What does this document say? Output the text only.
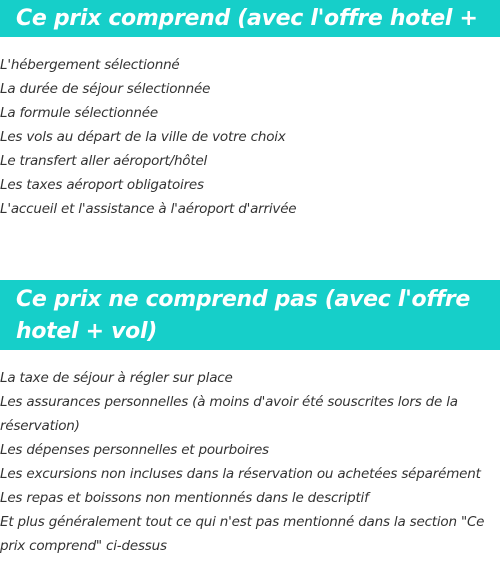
Ce prix comprend (avec l'offre hotel + vol)
L'hébergement sélectionné
La durée de séjour sélectionnée
La formule sélectionnée
Les vols au départ de la ville de votre choix
Le transfert aller aéroport/hôtel
Les taxes aéroport obligatoires
L'accueil et l'assistance à l'aéroport d'arrivée
Ce prix ne comprend pas (avec l'offre hotel + vol)
La taxe de séjour à régler sur place
Les assurances personnelles (à moins d'avoir été souscrites lors de la réservation)
Les dépenses personnelles et pourboires
Les excursions non incluses dans la réservation ou achetées séparément
Les repas et boissons non mentionnés dans le descriptif
Et plus généralement tout ce qui n'est pas mentionné dans la section "Ce prix comprend" ci-dessus
